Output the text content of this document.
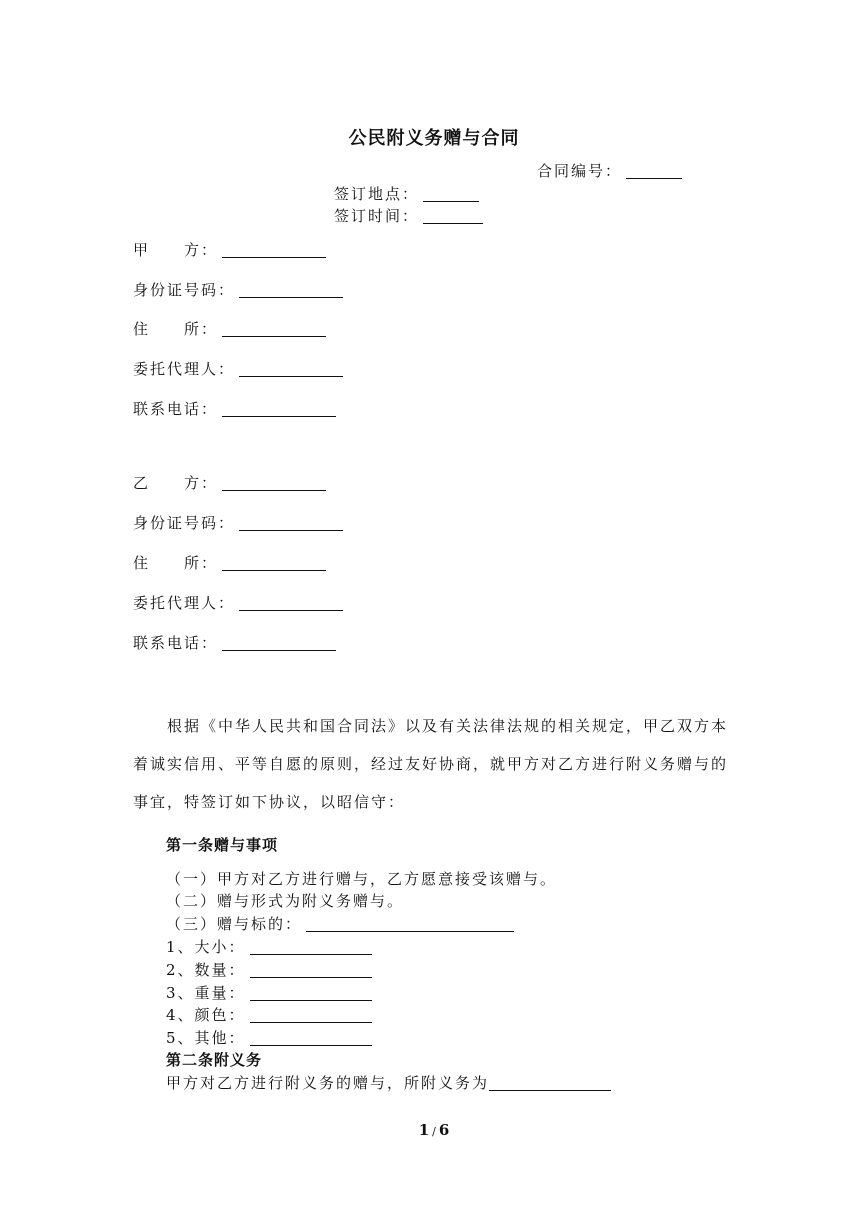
公民附义务赠与合同
合同编号：
签订地点：
签订时间：
甲　　方：
身份证号码：
住　　所：
委托代理人：
联系电话：
乙　　方：
身份证号码：
住　　所：
委托代理人：
联系电话：
根据《中华人民共和国合同法》以及有关法律法规的相关规定，甲乙双方本着诚实信用、平等自愿的原则，经过友好协商，就甲方对乙方进行附义务赠与的事宜，特签订如下协议，以昭信守：
第一条赠与事项
（一）甲方对乙方进行赠与，乙方愿意接受该赠与。
（二）赠与形式为附义务赠与。
（三）赠与标的：
1、大小：
2、数量：
3、重量：
4、颜色：
5、其他：
第二条附义务
甲方对乙方进行附义务的赠与，所附义务为
1 / 6
